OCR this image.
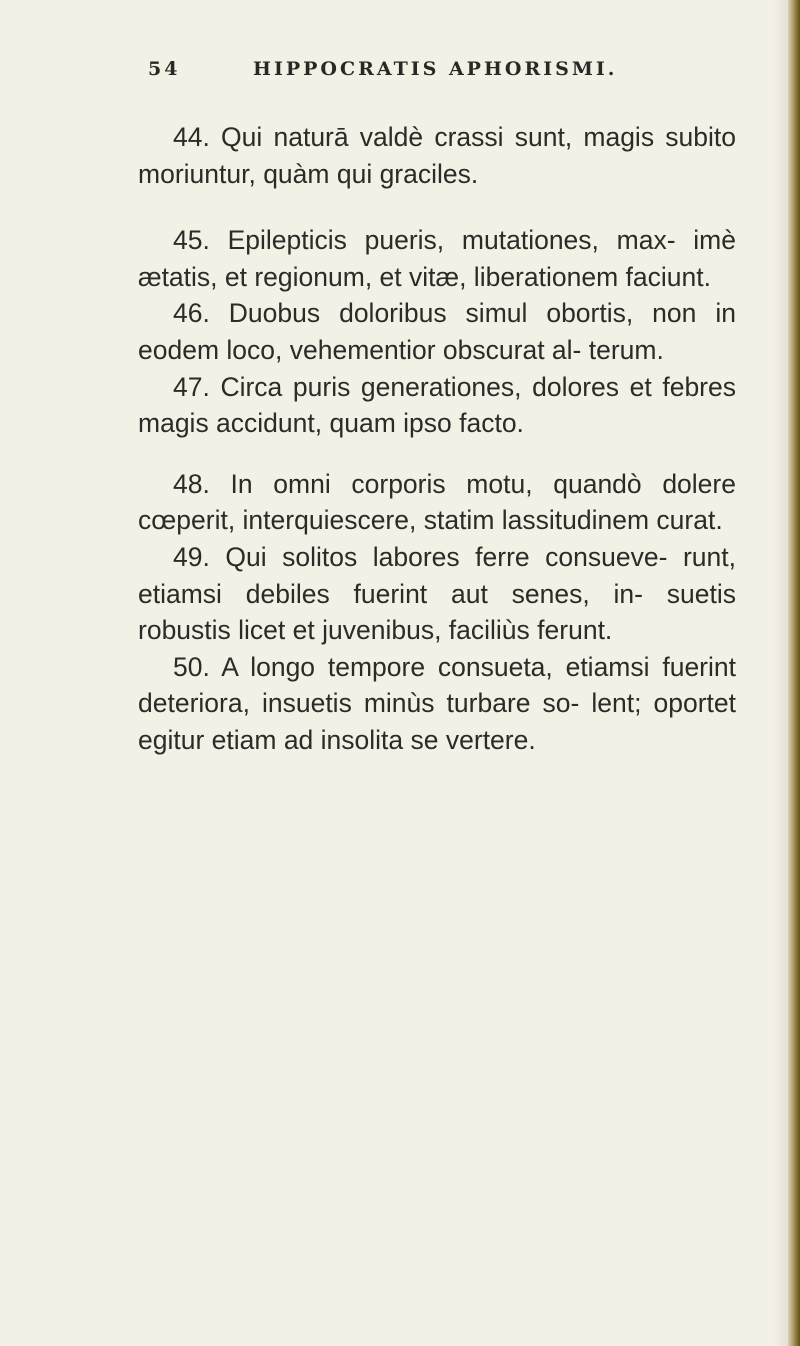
54	HIPPOCRATIS APHORISMI.

44. Qui naturā valdè crassi sunt, magis subito moriuntur, quàm qui graciles.

45. Epilepticis pueris, mutationes, max- imè ætatis, et regionum, et vitæ, liberationem faciunt.

46. Duobus doloribus simul obortis, non in eodem loco, vehementior obscurat al- terum.

47. Circa puris generationes, dolores et febres magis accidunt, quam ipso facto.

48. In omni corporis motu, quandò dolere cœperit, interquiescere, statim lassitudinem curat.

49. Qui solitos labores ferre consueve- runt, etiamsi debiles fuerint aut senes, in- suetis robustis licet et juvenibus, faciliùs ferunt.

50. A longo tempore consueta, etiamsi fuerint deteriora, insuetis minùs turbare so- lent; oportet egitur etiam ad insolita se vertere.
